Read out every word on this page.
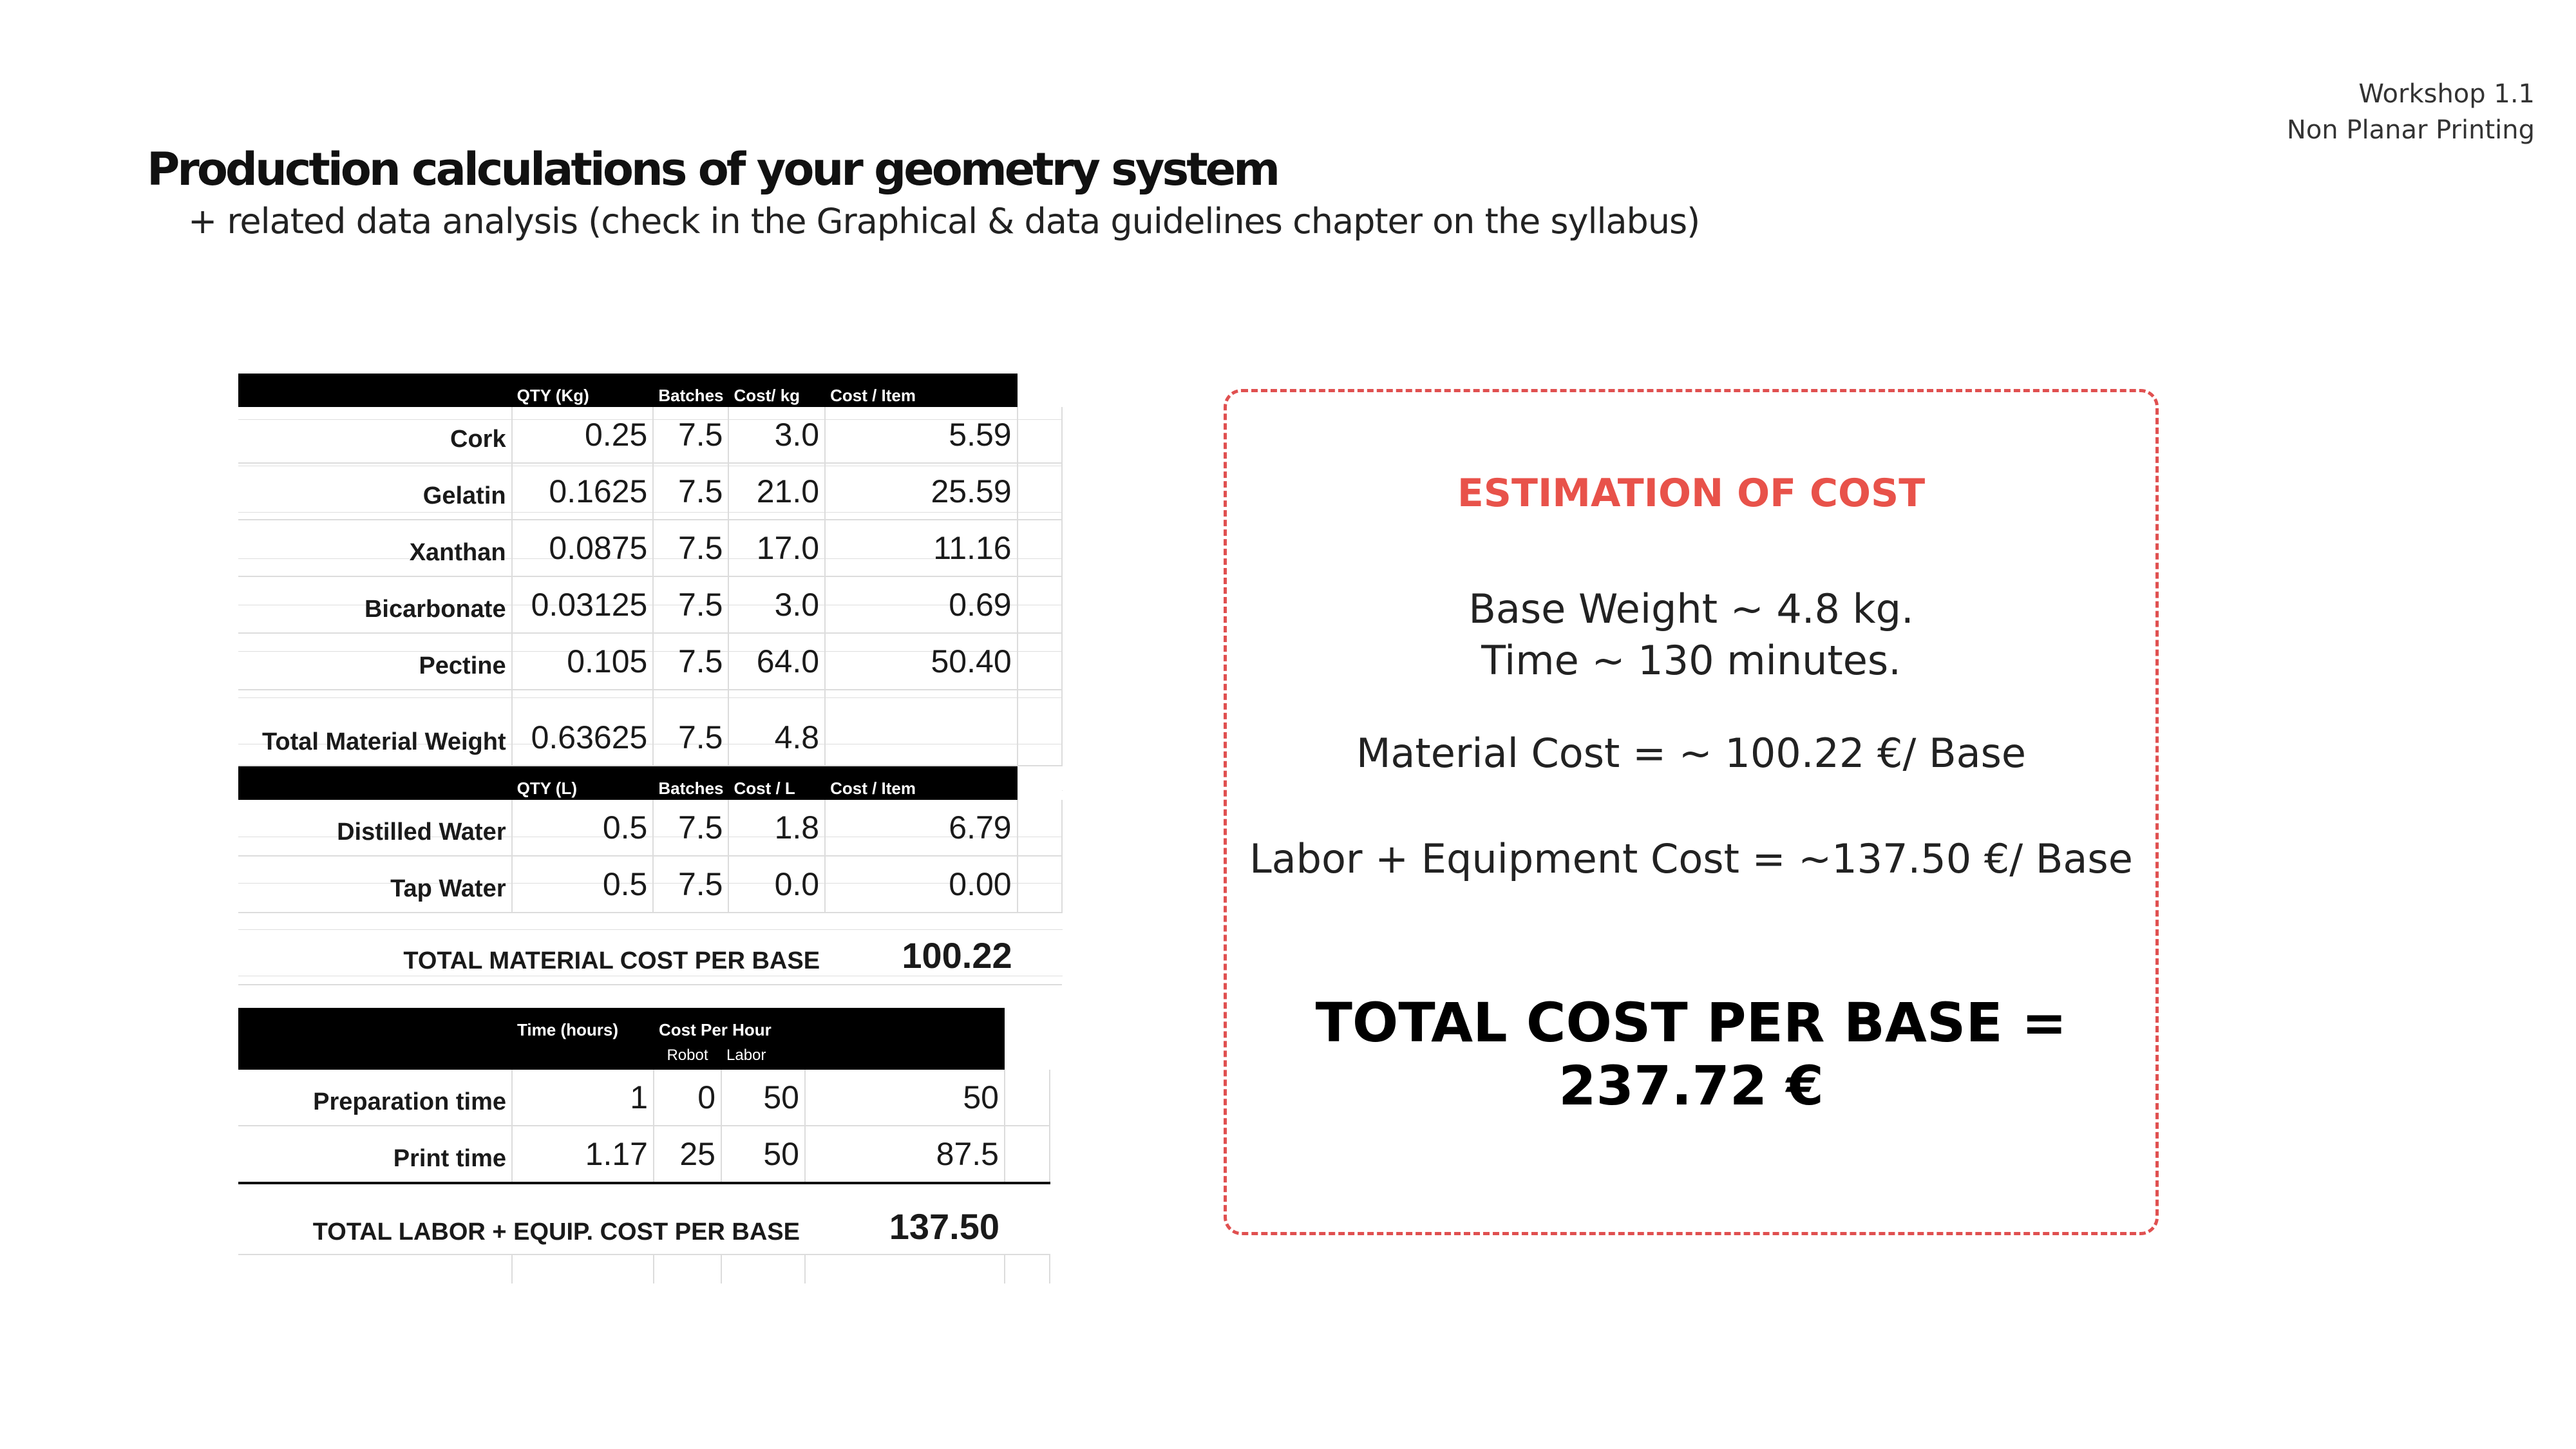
Workshop 1.1
Non Planar Printing
Production calculations of your geometry system
+ related data analysis (check in the Graphical & data guidelines chapter on the syllabus)
	QTY (Kg)	Batches	Cost/ kg	Cost / Item	
Cork	0.25	7.5	3.0	5.59	
Gelatin	0.1625	7.5	21.0	25.59	
Xanthan	0.0875	7.5	17.0	11.16	
Bicarbonate	0.03125	7.5	3.0	0.69	
Pectine	0.105	7.5	64.0	50.40	

Total Material Weight	0.63625	7.5	4.8		
	QTY (L)	Batches	Cost / L	Cost / Item	
Distilled Water	0.5	7.5	1.8	6.79	
Tap Water	0.5	7.5	0.0	0.00	
TOTAL MATERIAL COST PER BASE				100.22	
	Time (hours)	Cost Per Hour			
		Robot	Labor		
Preparation time	1	0	50	50	
Print time	1.17	25	50	87.5	
TOTAL LABOR + EQUIP. COST PER BASE				137.50	

ESTIMATION OF COST
Base Weight ~ 4.8 kg.
Time ~ 130 minutes.
Material Cost = ~ 100.22 €/ Base
Labor + Equipment Cost = ~137.50 €/ Base
TOTAL COST PER BASE = 237.72 €
